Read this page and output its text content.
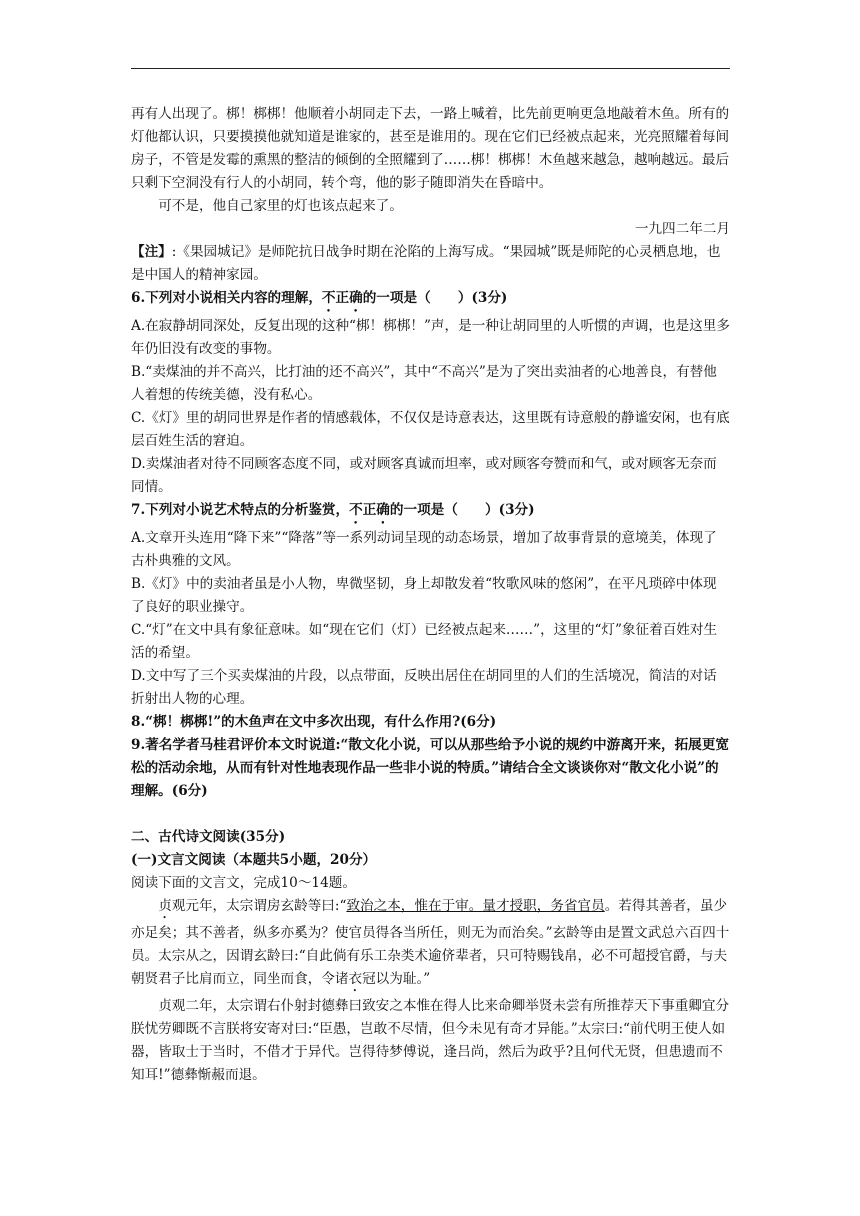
再有人出现了。梆！梆梆！他顺着小胡同走下去，一路上喊着，比先前更响更急地敲着木鱼。所有的灯他都认识，只要摸摸他就知道是谁家的，甚至是谁用的。现在它们已经被点起来，光亮照耀着每间房子，不管是发霉的熏黑的整洁的倾倒的全照耀到了……梆！梆梆！木鱼越来越急，越响越远。最后只剩下空洞没有行人的小胡同，转个弯，他的影子随即消失在昏暗中。

可不是，他自己家里的灯也该点起来了。

一九四二年二月

【注】:《果园城记》是师陀抗日战争时期在沦陷的上海写成。“果园城”既是师陀的心灵栖息地，也是中国人的精神家园。

6.下列对小说相关内容的理解，不正确的一项是（　　）(3分)

A.在寂静胡同深处，反复出现的这种“梆！梆梆！”声，是一种让胡同里的人听惯的声调，也是这里多年仍旧没有改变的事物。

B.“卖煤油的并不高兴，比打油的还不高兴”，其中“不高兴”是为了突出卖油者的心地善良，有替他人着想的传统美德，没有私心。

C.《灯》里的胡同世界是作者的情感载体，不仅仅是诗意表达，这里既有诗意般的静谧安闲，也有底层百姓生活的窘迫。

D.卖煤油者对待不同顾客态度不同，或对顾客真诚而坦率，或对顾客夸赞而和气，或对顾客无奈而同情。

7.下列对小说艺术特点的分析鉴赏，不正确的一项是（　　）(3分)

A.文章开头连用“降下来”“降落”等一系列动词呈现的动态场景，增加了故事背景的意境美，体现了古朴典雅的文风。

B.《灯》中的卖油者虽是小人物，卑微坚韧，身上却散发着“牧歌风味的悠闲”，在平凡琐碎中体现了良好的职业操守。

C.“灯”在文中具有象征意味。如“现在它们（灯）已经被点起来……”，这里的“灯”象征着百姓对生活的希望。

D.文中写了三个买卖煤油的片段，以点带面，反映出居住在胡同里的人们的生活境况，简洁的对话折射出人物的心理。

8.“梆！梆梆!”的木鱼声在文中多次出现，有什么作用?(6分)

9.著名学者马桂君评价本文时说道:“散文化小说，可以从那些给予小说的规约中游离开来，拓展更宽松的活动余地，从而有针对性地表现作品一些非小说的特质。”请结合全文谈谈你对“散文化小说”的理解。(6分)

二、古代诗文阅读(35分)

(一)文言文阅读（本题共5小题，20分）

阅读下面的文言文，完成10～14题。

贞观元年，太宗谓房玄龄等曰:“致治之本，惟在于审。量才授职，务省官员。若得其善者，虽少亦足矣；其不善者，纵多亦奚为？使官员得各当所任，则无为而治矣。”玄龄等由是置文武总六百四十员。太宗从之，因谓玄龄曰:“自此倘有乐工杂类术逾侪辈者，只可特赐钱帛，必不可超授官爵，与夫朝贤君子比肩而立，同坐而食，令诸衣冠以为耻。”

贞观二年，太宗谓右仆射封德彝曰致安之本惟在得人比来命卿举贤未尝有所推荐天下事重卿宜分朕忧劳卿既不言朕将安寄对曰:“臣愚，岂敢不尽情，但今未见有奇才异能。”太宗曰:“前代明王使人如器，皆取士于当时，不借才于异代。岂得待梦傅说，逢吕尚，然后为政乎?且何代无贤，但患遗而不知耳!”德彝惭赧而退。
